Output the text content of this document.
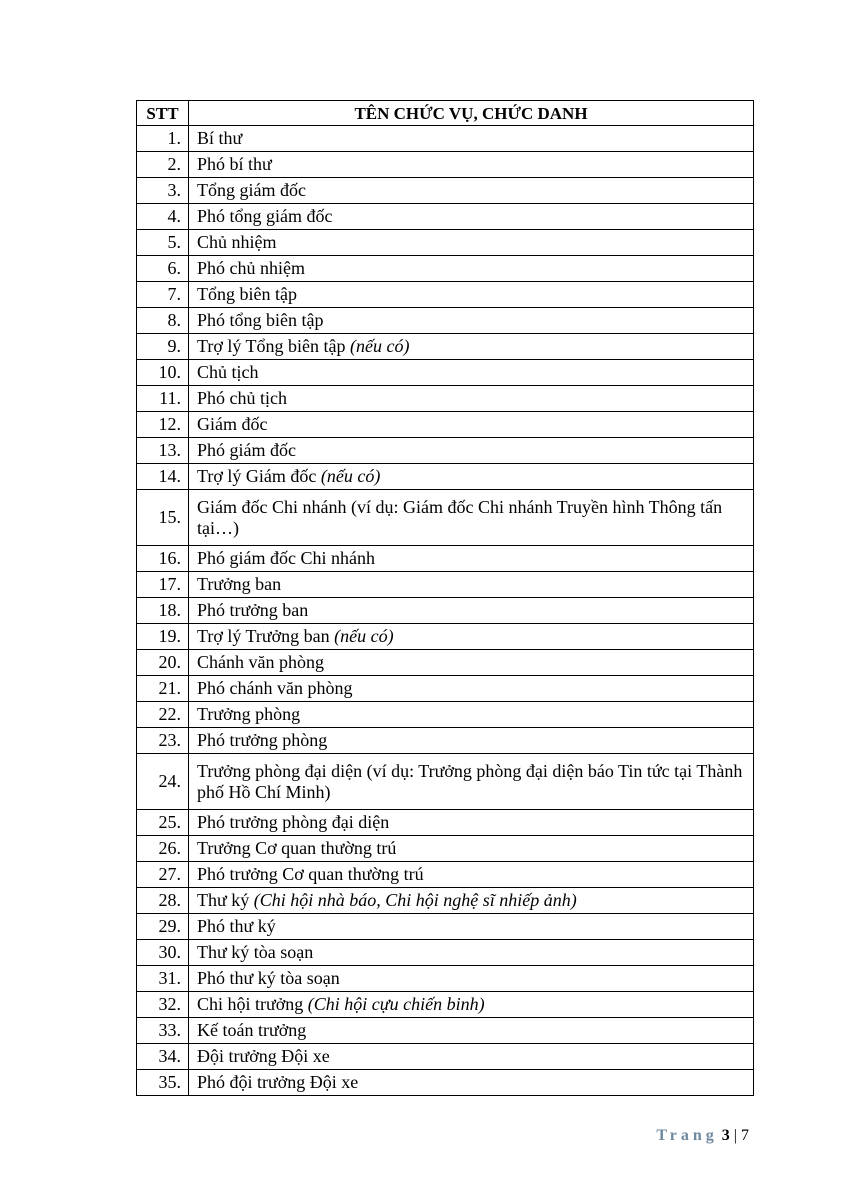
STT	TÊN CHỨC VỤ, CHỨC DANH
1.	Bí thư
2.	Phó bí thư
3.	Tổng giám đốc
4.	Phó tổng giám đốc
5.	Chủ nhiệm
6.	Phó chủ nhiệm
7.	Tổng biên tập
8.	Phó tổng biên tập
9.	Trợ lý Tổng biên tập (nếu có)
10.	Chủ tịch
11.	Phó chủ tịch
12.	Giám đốc
13.	Phó giám đốc
14.	Trợ lý Giám đốc (nếu có)
15.	Giám đốc Chi nhánh (ví dụ: Giám đốc Chi nhánh Truyền hình Thông tấn tại…)
16.	Phó giám đốc Chi nhánh
17.	Trưởng ban
18.	Phó trưởng ban
19.	Trợ lý Trưởng ban (nếu có)
20.	Chánh văn phòng
21.	Phó chánh văn phòng
22.	Trưởng phòng
23.	Phó trưởng phòng
24.	Trưởng phòng đại diện (ví dụ: Trưởng phòng đại diện báo Tin tức tại Thành phố Hồ Chí Minh)
25.	Phó trưởng phòng đại diện
26.	Trưởng Cơ quan thường trú
27.	Phó trưởng Cơ quan thường trú
28.	Thư ký (Chi hội nhà báo, Chi hội nghệ sĩ nhiếp ảnh)
29.	Phó thư ký
30.	Thư ký tòa soạn
31.	Phó thư ký tòa soạn
32.	Chi hội trưởng (Chi hội cựu chiến binh)
33.	Kế toán trưởng
34.	Đội trưởng Đội xe
35.	Phó đội trưởng Đội xe
Trang 3 | 7
